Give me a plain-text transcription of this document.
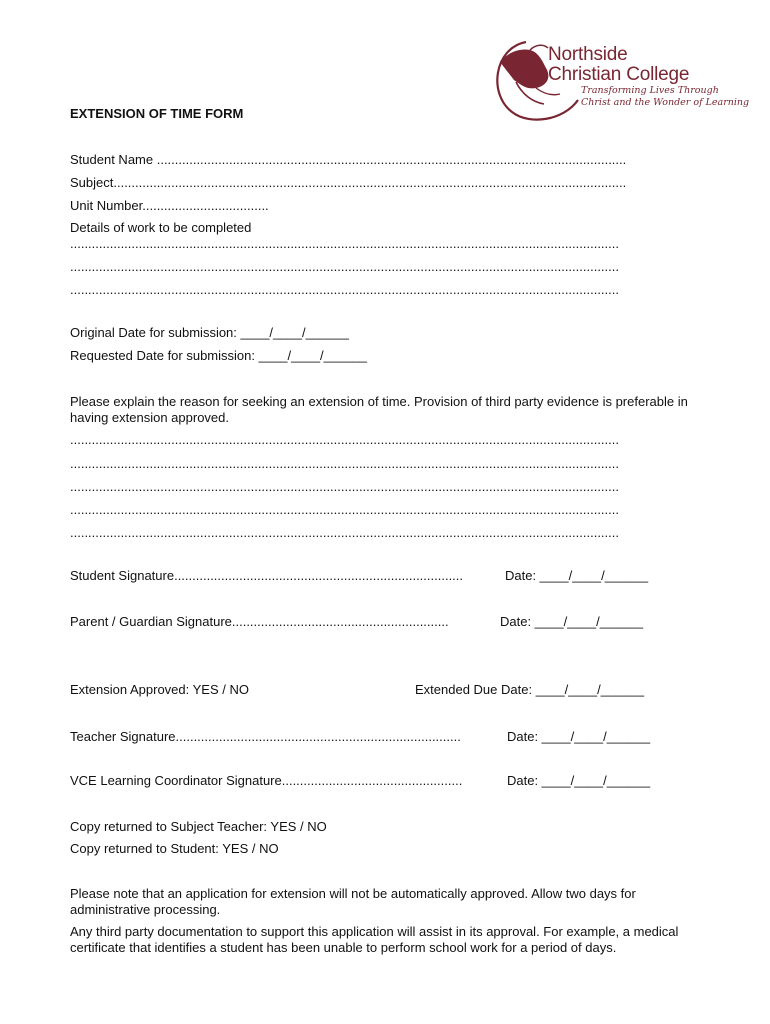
Northside
Christian College
Transforming Lives Through
Christ and the Wonder of Learning
EXTENSION OF TIME FORM
Student Name ..................................................................................................................................
Subject..............................................................................................................................................
Unit Number...................................
Details of work to be completed
........................................................................................................................................................
........................................................................................................................................................
........................................................................................................................................................
Original Date for submission: ____/____/______
Requested Date for submission: ____/____/______
Please explain the reason for seeking an extension of time. Provision of third party evidence is preferable in having extension approved.
........................................................................................................................................................
........................................................................................................................................................
........................................................................................................................................................
........................................................................................................................................................
........................................................................................................................................................
Student Signature................................................................................	Date: ____/____/______
Parent / Guardian Signature............................................................	Date: ____/____/______
Extension Approved: YES / NO	Extended Due Date: ____/____/______
Teacher Signature...............................................................................	Date: ____/____/______
VCE Learning Coordinator Signature..................................................	Date: ____/____/______
Copy returned to Subject Teacher: YES / NO
Copy returned to Student: YES / NO
Please note that an application for extension will not be automatically approved. Allow two days for administrative processing.
Any third party documentation to support this application will assist in its approval. For example, a medical certificate that identifies a student has been unable to perform school work for a period of days.
